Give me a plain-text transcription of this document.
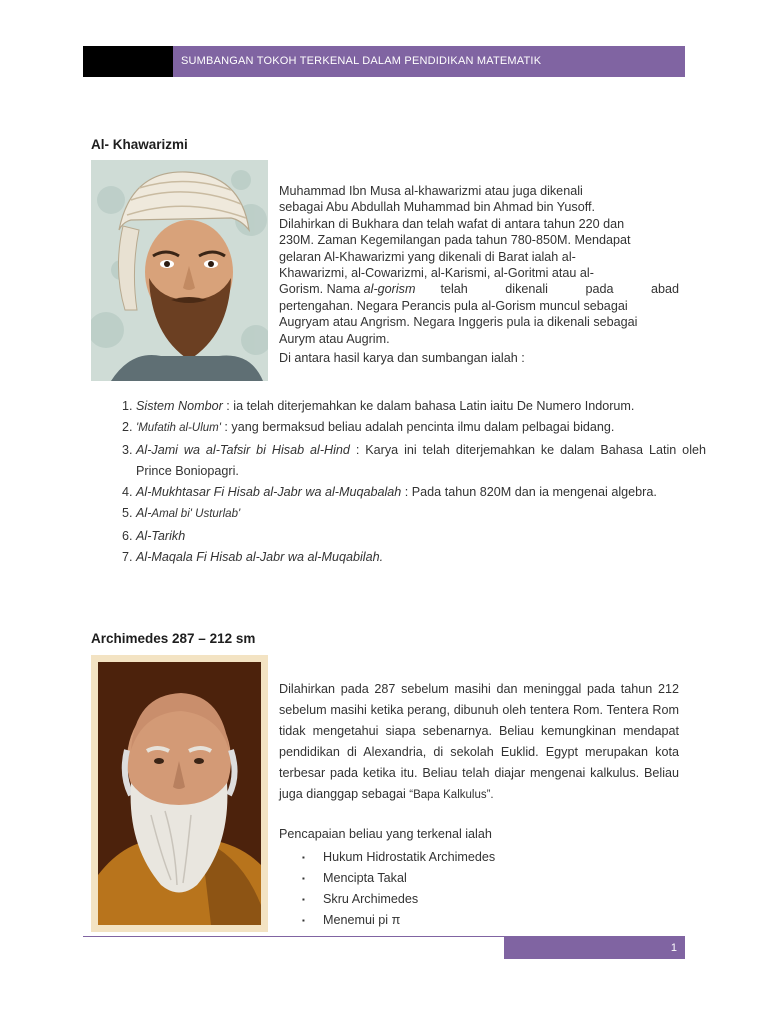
SUMBANGAN TOKOH TERKENAL DALAM PENDIDIKAN MATEMATIK
Al- Khawarizmi
Muhammad Ibn Musa al-khawarizmi atau juga dikenali
sebagai Abu Abdullah Muhammad bin Ahmad bin Yusoff.
Dilahirkan di Bukhara dan telah wafat di antara tahun 220 dan
230M. Zaman Kegemilangan pada tahun 780-850M. Mendapat
gelaran Al-Khawarizmi yang dikenali di Barat ialah al-
Khawarizmi, al-Cowarizmi, al-Karismi, al-Goritmi atau al-
Gorism. Nama al-gorism telah dikenali pada abad
pertengahan. Negara Perancis pula al-Gorism muncul sebagai
Augryam atau Angrism. Negara Inggeris pula ia dikenali sebagai
Aurym atau Augrim.
Di antara hasil karya dan sumbangan ialah :
1. Sistem Nombor : ia telah diterjemahkan ke dalam bahasa Latin iaitu De Numero Indorum.
2. 'Mufatih al-Ulum' : yang bermaksud beliau adalah pencinta ilmu dalam pelbagai bidang.
3. Al-Jami wa al-Tafsir bi Hisab al-Hind : Karya ini telah diterjemahkan ke dalam Bahasa Latin oleh Prince Boniopagri.
4. Al-Mukhtasar Fi Hisab al-Jabr wa al-Muqabalah : Pada tahun 820M dan ia mengenai algebra.
5. Al-Amal bi' Usturlab'
6. Al-Tarikh
7. Al-Maqala Fi Hisab al-Jabr wa al-Muqabilah.
Archimedes 287 – 212 sm
Dilahirkan pada 287 sebelum masihi dan meninggal pada tahun 212 sebelum masihi ketika perang, dibunuh oleh tentera Rom. Tentera Rom tidak mengetahui siapa sebenarnya. Beliau kemungkinan mendapat pendidikan di Alexandria, di sekolah Euklid. Egypt merupakan kota terbesar pada ketika itu. Beliau telah diajar mengenai kalkulus. Beliau juga dianggap sebagai “Bapa Kalkulus”.
Pencapaian beliau yang terkenal ialah
▪ Hukum Hidrostatik Archimedes
▪ Mencipta Takal
▪ Skru Archimedes
▪ Menemui pi π
1
